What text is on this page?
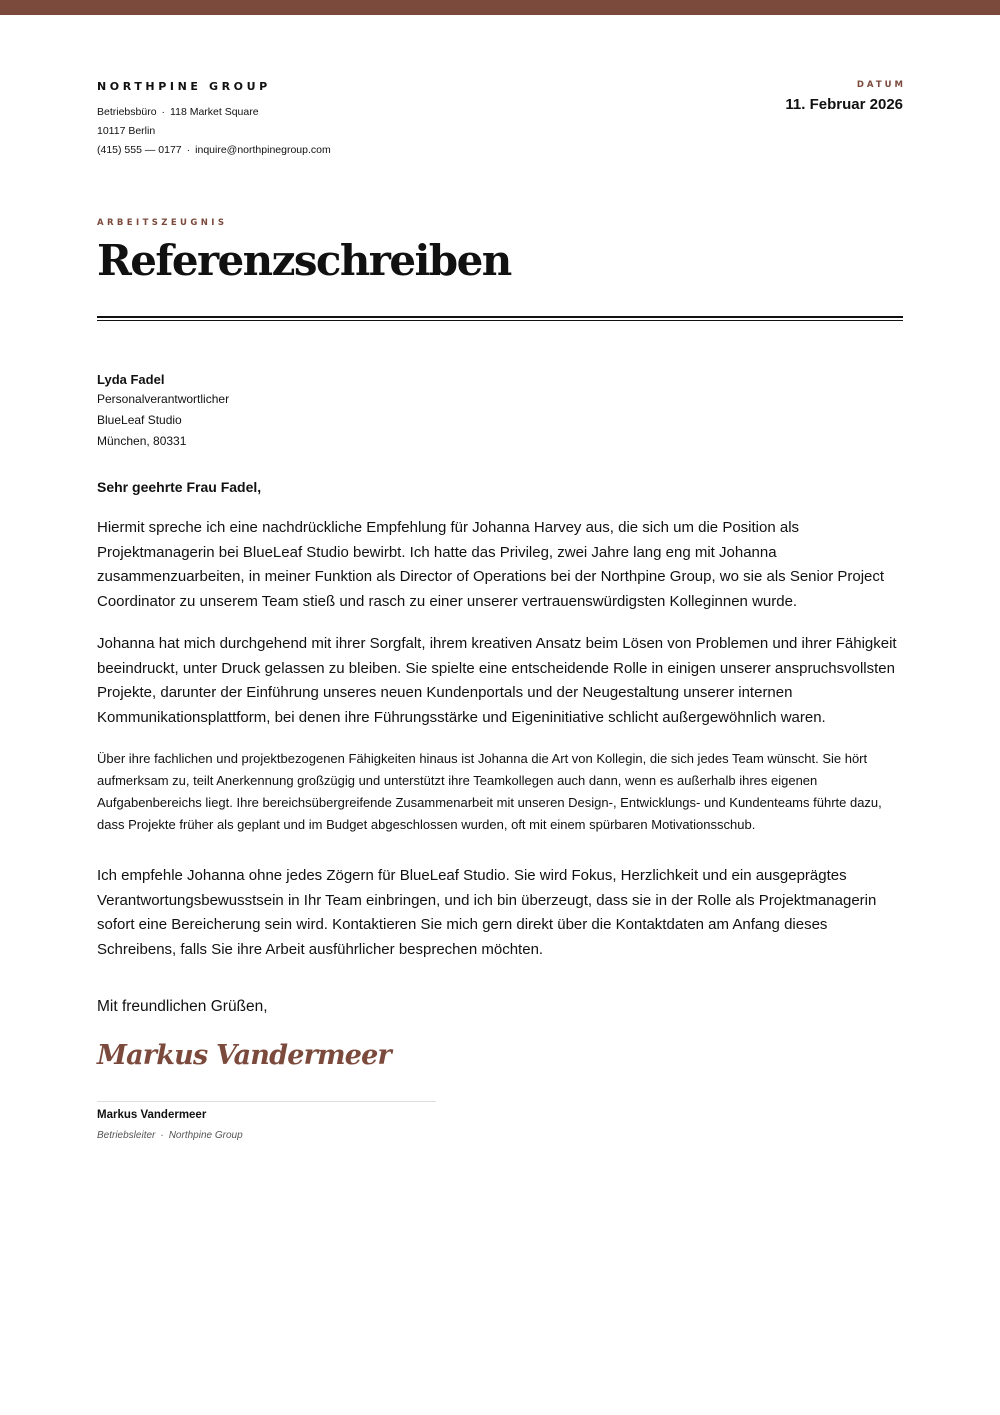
NORTHPINE GROUP
Betriebsbüro · 118 Market Square
10117 Berlin
(415) 555 — 0177 · inquire@northpinegroup.com
DATUM
11. Februar 2026
ARBEITSZEUGNIS
Referenzschreiben
Lyda Fadel
Personalverantwortlicher
BlueLeaf Studio
München, 80331
Sehr geehrte Frau Fadel,

Hiermit spreche ich eine nachdrückliche Empfehlung für Johanna Harvey aus, die sich um die Position als Projektmanagerin bei BlueLeaf Studio bewirbt. Ich hatte das Privileg, zwei Jahre lang eng mit Johanna zusammenzuarbeiten, in meiner Funktion als Director of Operations bei der Northpine Group, wo sie als Senior Project Coordinator zu unserem Team stieß und rasch zu einer unserer vertrauenswürdigsten Kolleginnen wurde.

Johanna hat mich durchgehend mit ihrer Sorgfalt, ihrem kreativen Ansatz beim Lösen von Problemen und ihrer Fähigkeit beeindruckt, unter Druck gelassen zu bleiben. Sie spielte eine entscheidende Rolle in einigen unserer anspruchsvollsten Projekte, darunter der Einführung unseres neuen Kundenportals und der Neugestaltung unserer internen Kommunikationsplattform, bei denen ihre Führungsstärke und Eigeninitiative schlicht außergewöhnlich waren.

Über ihre fachlichen und projektbezogenen Fähigkeiten hinaus ist Johanna die Art von Kollegin, die sich jedes Team wünscht. Sie hört aufmerksam zu, teilt Anerkennung großzügig und unterstützt ihre Teamkollegen auch dann, wenn es außerhalb ihres eigenen Aufgabenbereichs liegt. Ihre bereichsübergreifende Zusammenarbeit mit unseren Design-, Entwicklungs- und Kundenteams führte dazu, dass Projekte früher als geplant und im Budget abgeschlossen wurden, oft mit einem spürbaren Motivationsschub.

Ich empfehle Johanna ohne jedes Zögern für BlueLeaf Studio. Sie wird Fokus, Herzlichkeit und ein ausgeprägtes Verantwortungsbewusstsein in Ihr Team einbringen, und ich bin überzeugt, dass sie in der Rolle als Projektmanagerin sofort eine Bereicherung sein wird. Kontaktieren Sie mich gern direkt über die Kontaktdaten am Anfang dieses Schreibens, falls Sie ihre Arbeit ausführlicher besprechen möchten.

Mit freundlichen Grüßen,
Markus Vandermeer
Markus Vandermeer
Betriebsleiter · Northpine Group
